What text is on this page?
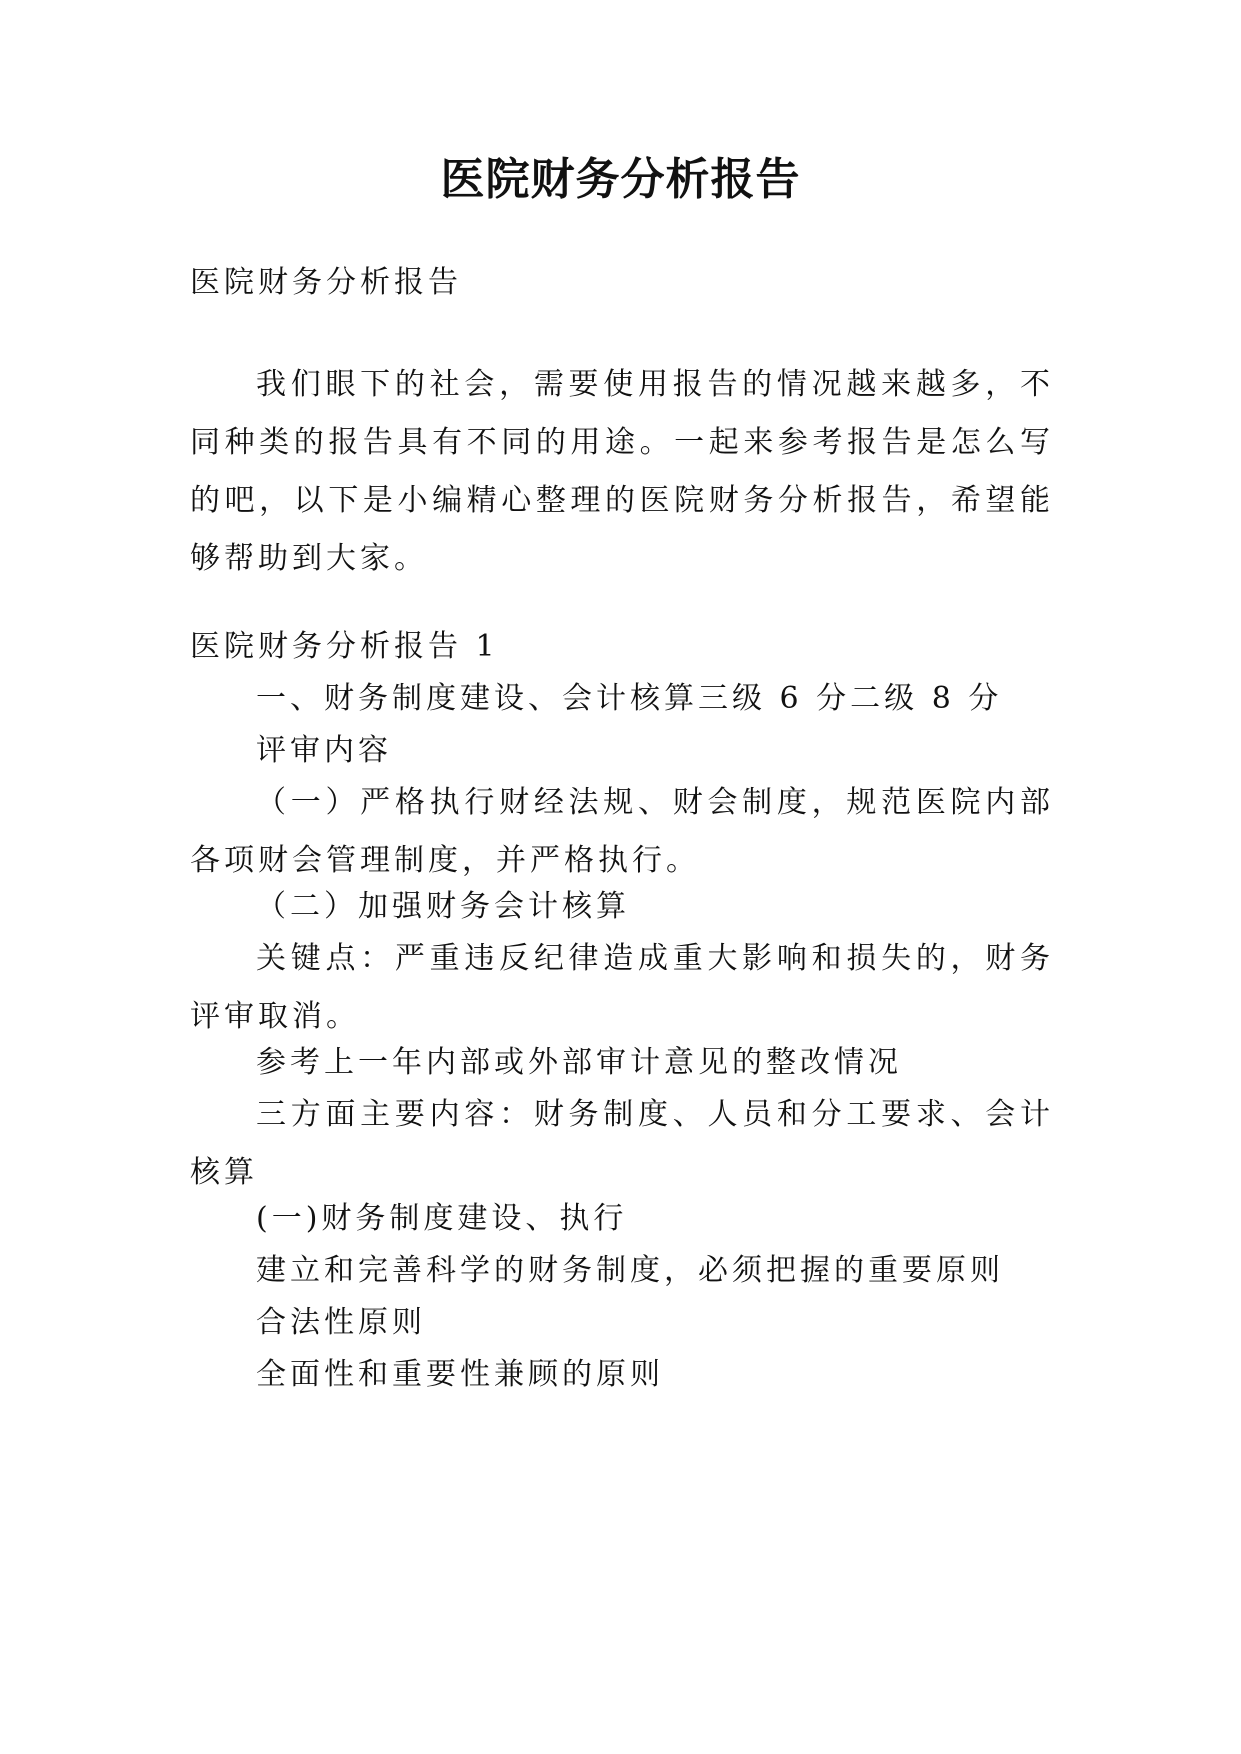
医院财务分析报告
医院财务分析报告
我们眼下的社会，需要使用报告的情况越来越多，不同种类的报告具有不同的用途。一起来参考报告是怎么写的吧，以下是小编精心整理的医院财务分析报告，希望能够帮助到大家。
医院财务分析报告 1
一、财务制度建设、会计核算三级 6 分二级 8 分
评审内容
（一）严格执行财经法规、财会制度，规范医院内部各项财会管理制度，并严格执行。
（二）加强财务会计核算
关键点：严重违反纪律造成重大影响和损失的，财务评审取消。
参考上一年内部或外部审计意见的整改情况
三方面主要内容：财务制度、人员和分工要求、会计核算
(一)财务制度建设、执行
建立和完善科学的财务制度，必须把握的重要原则
合法性原则
全面性和重要性兼顾的原则
